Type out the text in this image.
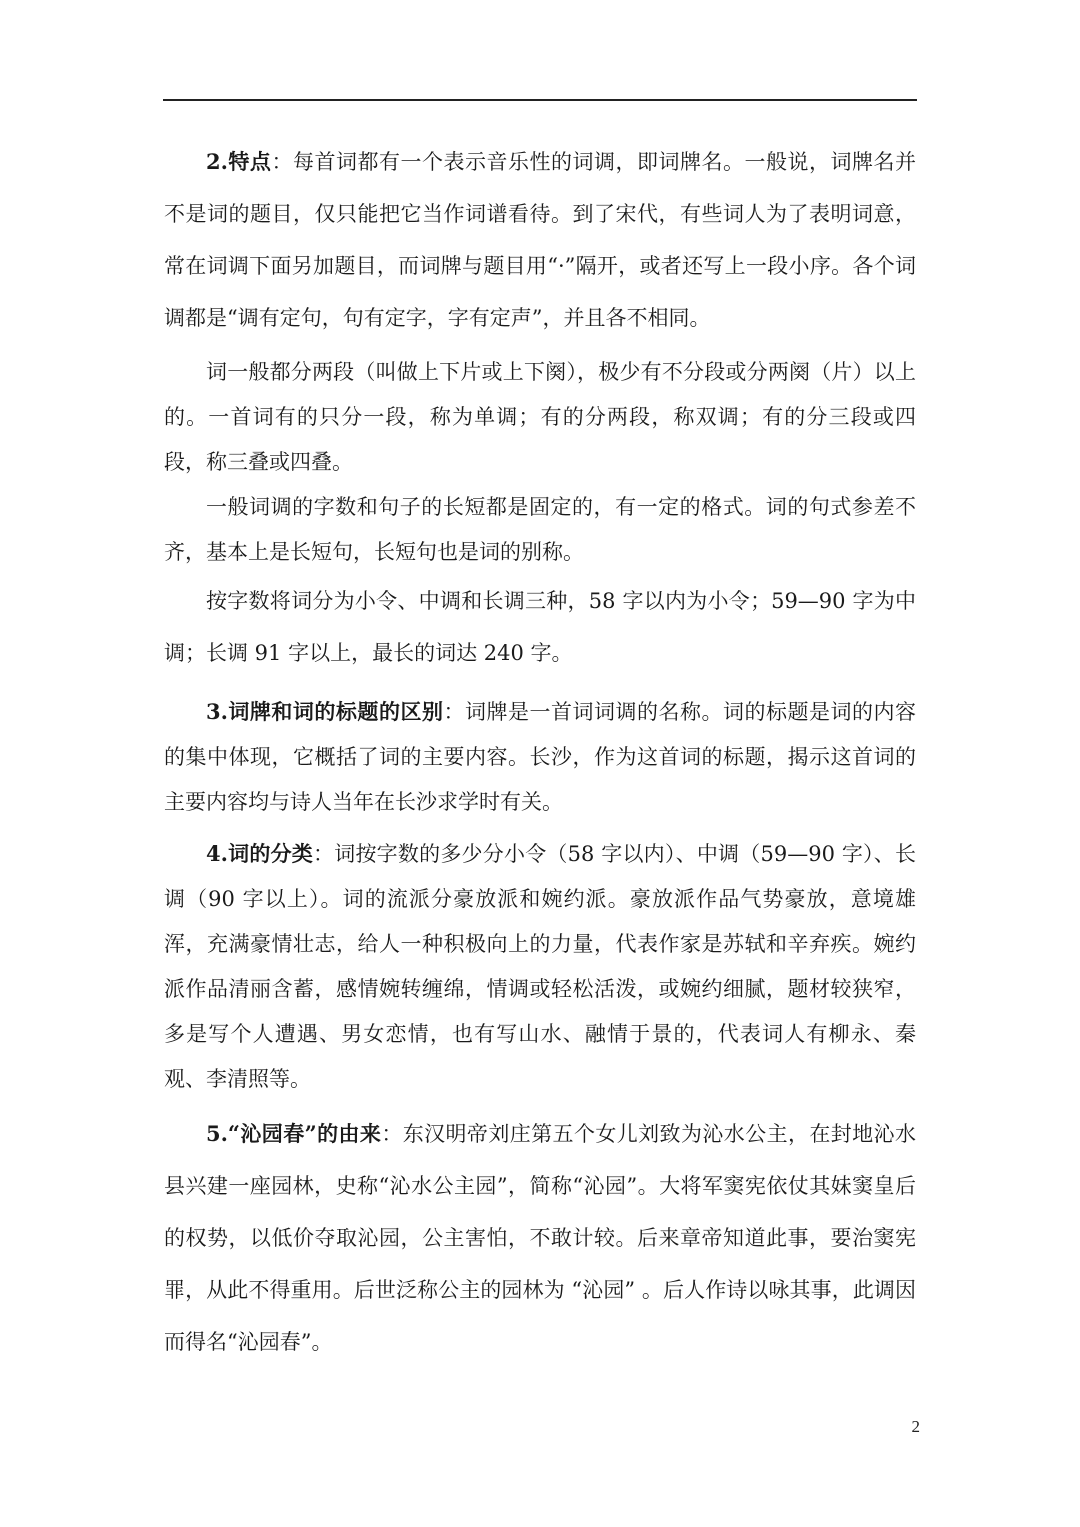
2.特点：每首词都有一个表示音乐性的词调，即词牌名。一般说，词牌名并不是词的题目，仅只能把它当作词谱看待。到了宋代，有些词人为了表明词意，常在词调下面另加题目，而词牌与题目用“·”隔开，或者还写上一段小序。各个词调都是“调有定句，句有定字，字有定声”，并且各不相同。

词一般都分两段（叫做上下片或上下阕），极少有不分段或分两阕（片）以上的。一首词有的只分一段，称为单调；有的分两段，称双调；有的分三段或四段，称三叠或四叠。

一般词调的字数和句子的长短都是固定的，有一定的格式。词的句式参差不齐，基本上是长短句，长短句也是词的别称。

按字数将词分为小令、中调和长调三种，58 字以内为小令；59—90 字为中调；长调 91 字以上，最长的词达 240 字。

3.词牌和词的标题的区别：词牌是一首词词调的名称。词的标题是词的内容的集中体现，它概括了词的主要内容。长沙，作为这首词的标题，揭示这首词的主要内容均与诗人当年在长沙求学时有关。

4.词的分类：词按字数的多少分小令（58 字以内）、中调（59—90 字）、长调（90 字以上）。词的流派分豪放派和婉约派。豪放派作品气势豪放，意境雄浑，充满豪情壮志，给人一种积极向上的力量，代表作家是苏轼和辛弃疾。婉约派作品清丽含蓄，感情婉转缠绵，情调或轻松活泼，或婉约细腻，题材较狭窄，多是写个人遭遇、男女恋情，也有写山水、融情于景的，代表词人有柳永、秦观、李清照等。

5.“沁园春”的由来：东汉明帝刘庄第五个女儿刘致为沁水公主，在封地沁水县兴建一座园林，史称“沁水公主园”，简称“沁园”。大将军窦宪依仗其妹窦皇后的权势，以低价夺取沁园，公主害怕，不敢计较。后来章帝知道此事，要治窦宪罪，从此不得重用。后世泛称公主的园林为 “沁园” 。后人作诗以咏其事，此调因而得名“沁园春”。

2
